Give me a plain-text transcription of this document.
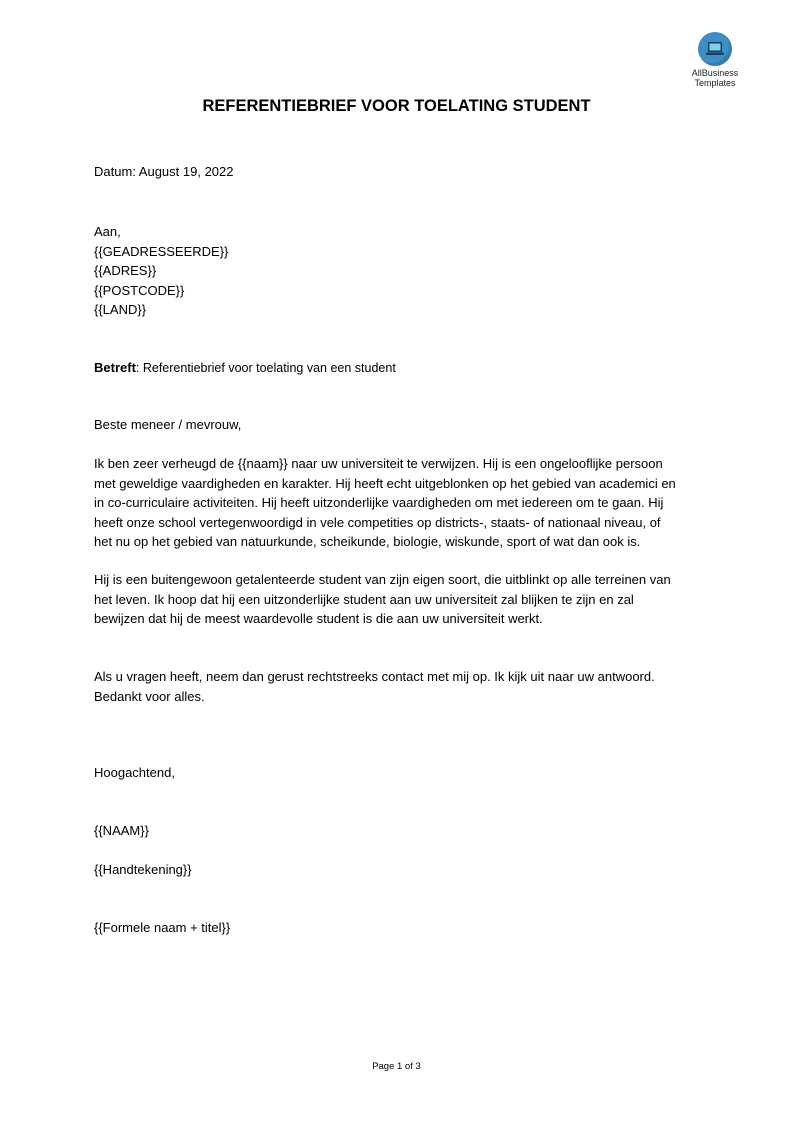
AllBusiness
Templates
REFERENTIEBRIEF VOOR TOELATING STUDENT
Datum: August 19, 2022
Aan,
{{GEADRESSEERDE}}
{{ADRES}}
{{POSTCODE}}
{{LAND}}
Betreft: Referentiebrief voor toelating van een student
Beste meneer / mevrouw,
Ik ben zeer verheugd de {{naam}} naar uw universiteit te verwijzen. Hij is een ongelooflijke persoon
met geweldige vaardigheden en karakter. Hij heeft echt uitgeblonken op het gebied van academici en
in co-curriculaire activiteiten. Hij heeft uitzonderlijke vaardigheden om met iedereen om te gaan. Hij
heeft onze school vertegenwoordigd in vele competities op districts-, staats- of nationaal niveau, of
het nu op het gebied van natuurkunde, scheikunde, biologie, wiskunde, sport of wat dan ook is.
Hij is een buitengewoon getalenteerde student van zijn eigen soort, die uitblinkt op alle terreinen van
het leven. Ik hoop dat hij een uitzonderlijke student aan uw universiteit zal blijken te zijn en zal
bewijzen dat hij de meest waardevolle student is die aan uw universiteit werkt.
Als u vragen heeft, neem dan gerust rechtstreeks contact met mij op. Ik kijk uit naar uw antwoord.
Bedankt voor alles.
Hoogachtend,
{{NAAM}}
{{Handtekening}}
{{Formele naam + titel}}
Page 1 of 3
